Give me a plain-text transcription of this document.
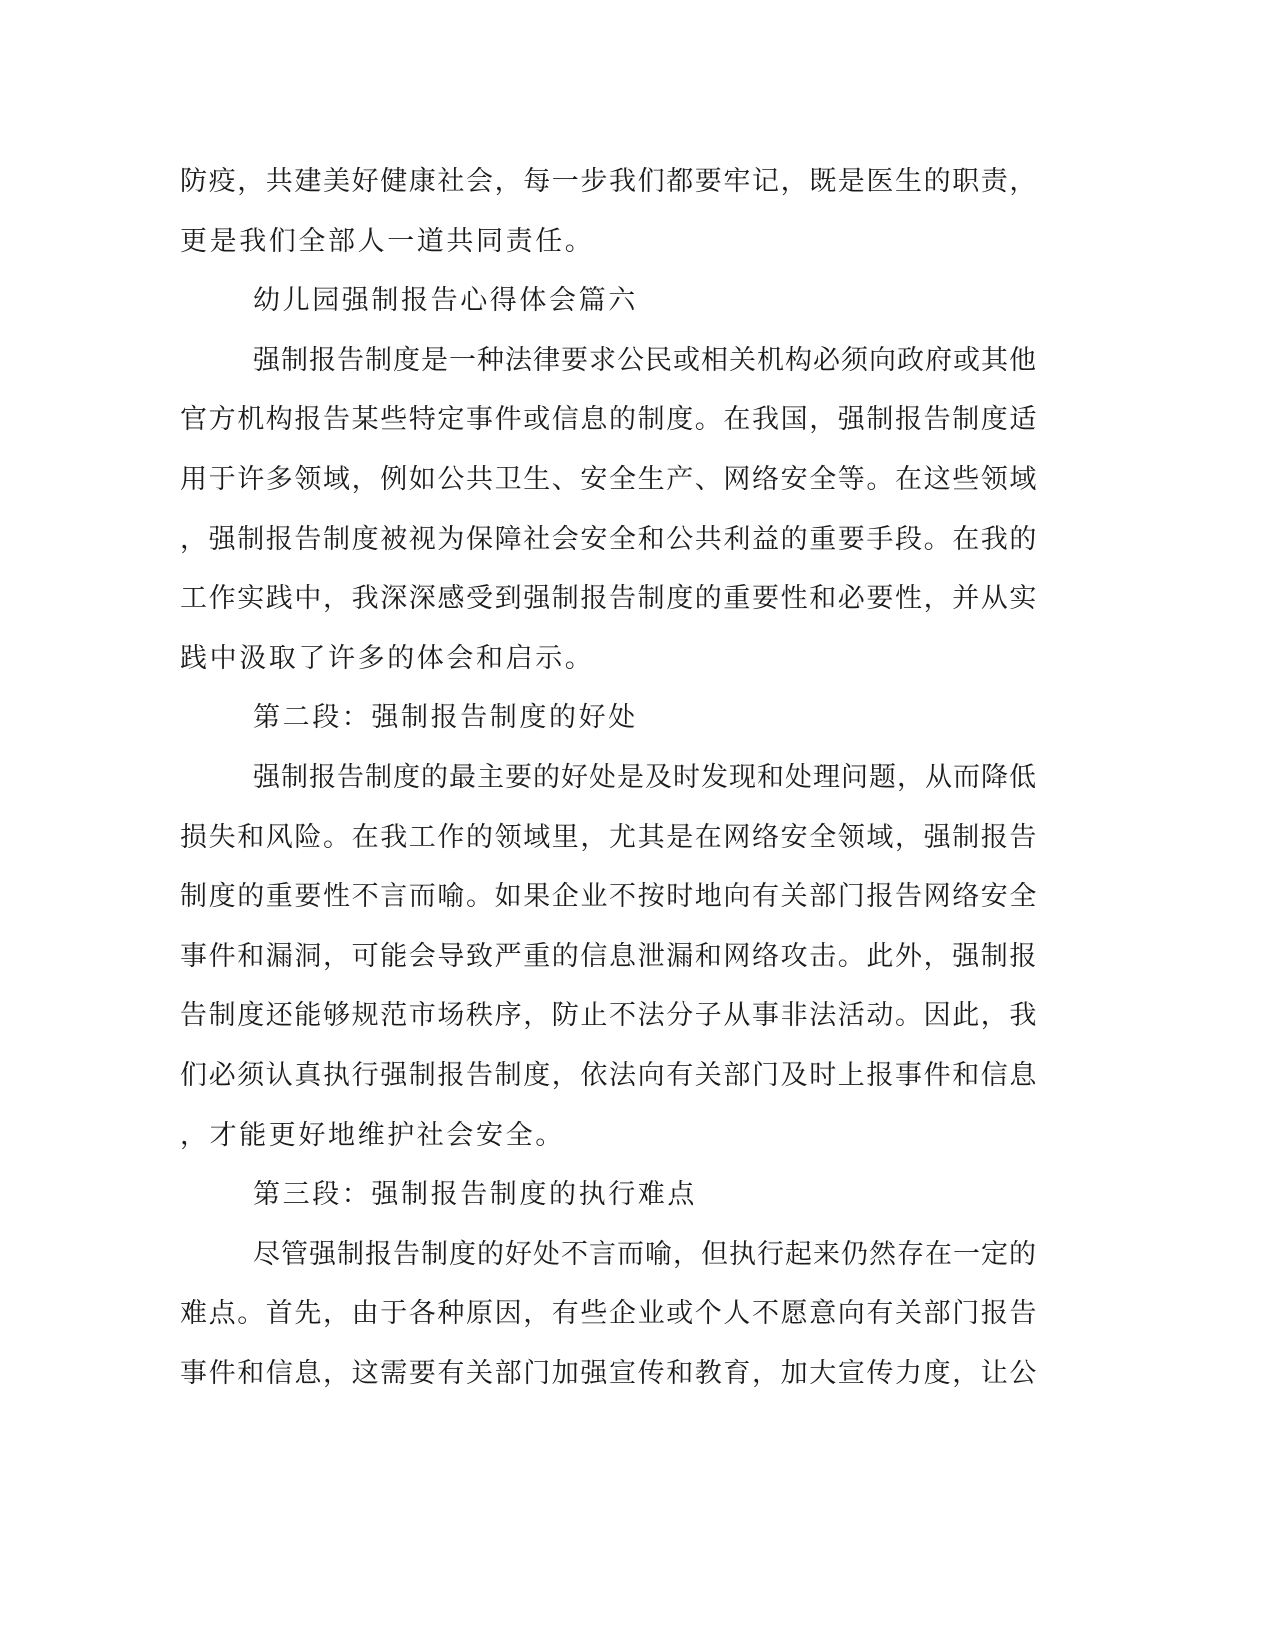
防疫，共建美好健康社会，每一步我们都要牢记，既是医生的职责，
更是我们全部人一道共同责任。
幼儿园强制报告心得体会篇六
强制报告制度是一种法律要求公民或相关机构必须向政府或其他
官方机构报告某些特定事件或信息的制度。在我国，强制报告制度适
用于许多领域，例如公共卫生、安全生产、网络安全等。在这些领域
，强制报告制度被视为保障社会安全和公共利益的重要手段。在我的
工作实践中，我深深感受到强制报告制度的重要性和必要性，并从实
践中汲取了许多的体会和启示。
第二段：强制报告制度的好处
强制报告制度的最主要的好处是及时发现和处理问题，从而降低
损失和风险。在我工作的领域里，尤其是在网络安全领域，强制报告
制度的重要性不言而喻。如果企业不按时地向有关部门报告网络安全
事件和漏洞，可能会导致严重的信息泄漏和网络攻击。此外，强制报
告制度还能够规范市场秩序，防止不法分子从事非法活动。因此，我
们必须认真执行强制报告制度，依法向有关部门及时上报事件和信息
，才能更好地维护社会安全。
第三段：强制报告制度的执行难点
尽管强制报告制度的好处不言而喻，但执行起来仍然存在一定的
难点。首先，由于各种原因，有些企业或个人不愿意向有关部门报告
事件和信息，这需要有关部门加强宣传和教育，加大宣传力度，让公
